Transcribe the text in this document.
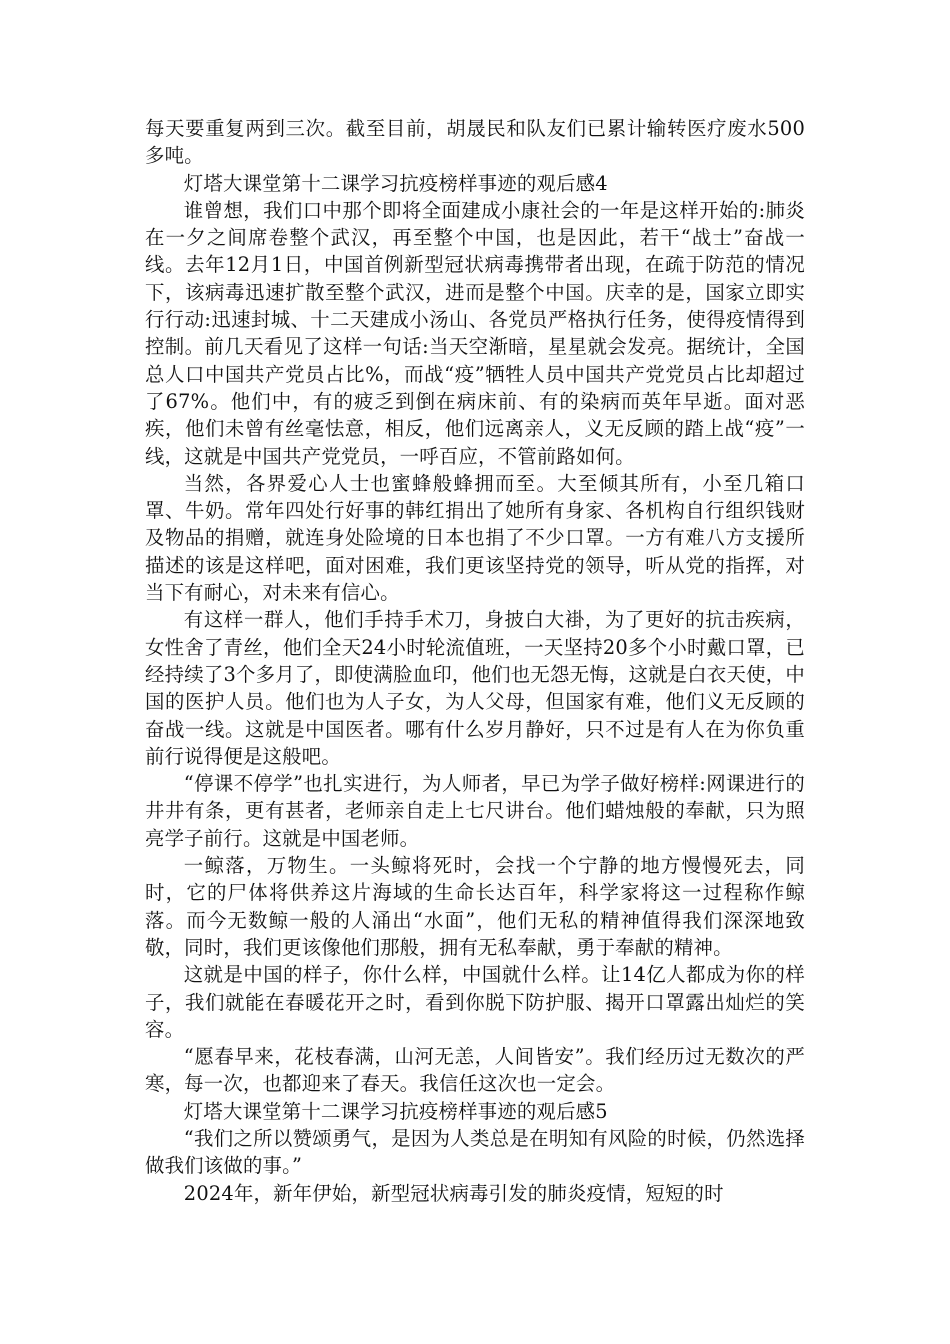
每天要重复两到三次。截至目前，胡晟民和队友们已累计输转医疗废水500多吨。

灯塔大课堂第十二课学习抗疫榜样事迹的观后感4

谁曾想，我们口中那个即将全面建成小康社会的一年是这样开始的:肺炎在一夕之间席卷整个武汉，再至整个中国，也是因此，若干“战士”奋战一线。去年12月1日，中国首例新型冠状病毒携带者出现，在疏于防范的情况下，该病毒迅速扩散至整个武汉，进而是整个中国。庆幸的是，国家立即实行行动:迅速封城、十二天建成小汤山、各党员严格执行任务，使得疫情得到控制。前几天看见了这样一句话:当天空渐暗，星星就会发亮。据统计，全国总人口中国共产党员占比%，而战“疫”牺牲人员中国共产党党员占比却超过了67%。他们中，有的疲乏到倒在病床前、有的染病而英年早逝。面对恶疾，他们未曾有丝毫怯意，相反，他们远离亲人，义无反顾的踏上战“疫”一线，这就是中国共产党党员，一呼百应，不管前路如何。

当然，各界爱心人士也蜜蜂般蜂拥而至。大至倾其所有，小至几箱口罩、牛奶。常年四处行好事的韩红捐出了她所有身家、各机构自行组织钱财及物品的捐赠，就连身处险境的日本也捐了不少口罩。一方有难八方支援所描述的该是这样吧，面对困难，我们更该坚持党的领导，听从党的指挥，对当下有耐心，对未来有信心。

有这样一群人，他们手持手术刀，身披白大褂，为了更好的抗击疾病，女性舍了青丝，他们全天24小时轮流值班，一天坚持20多个小时戴口罩，已经持续了3个多月了，即使满脸血印，他们也无怨无悔，这就是白衣天使，中国的医护人员。他们也为人子女，为人父母，但国家有难，他们义无反顾的奋战一线。这就是中国医者。哪有什么岁月静好，只不过是有人在为你负重前行说得便是这般吧。

“停课不停学”也扎实进行，为人师者，早已为学子做好榜样:网课进行的井井有条，更有甚者，老师亲自走上七尺讲台。他们蜡烛般的奉献，只为照亮学子前行。这就是中国老师。

一鲸落，万物生。一头鲸将死时，会找一个宁静的地方慢慢死去，同时，它的尸体将供养这片海域的生命长达百年，科学家将这一过程称作鲸落。而今无数鲸一般的人涌出“水面”，他们无私的精神值得我们深深地致敬，同时，我们更该像他们那般，拥有无私奉献，勇于奉献的精神。

这就是中国的样子，你什么样，中国就什么样。让14亿人都成为你的样子，我们就能在春暖花开之时，看到你脱下防护服、揭开口罩露出灿烂的笑容。

“愿春早来，花枝春满，山河无恙，人间皆安”。我们经历过无数次的严寒，每一次，也都迎来了春天。我信任这次也一定会。

灯塔大课堂第十二课学习抗疫榜样事迹的观后感5

“我们之所以赞颂勇气，是因为人类总是在明知有风险的时候，仍然选择做我们该做的事。”

2024年，新年伊始，新型冠状病毒引发的肺炎疫情，短短的时
